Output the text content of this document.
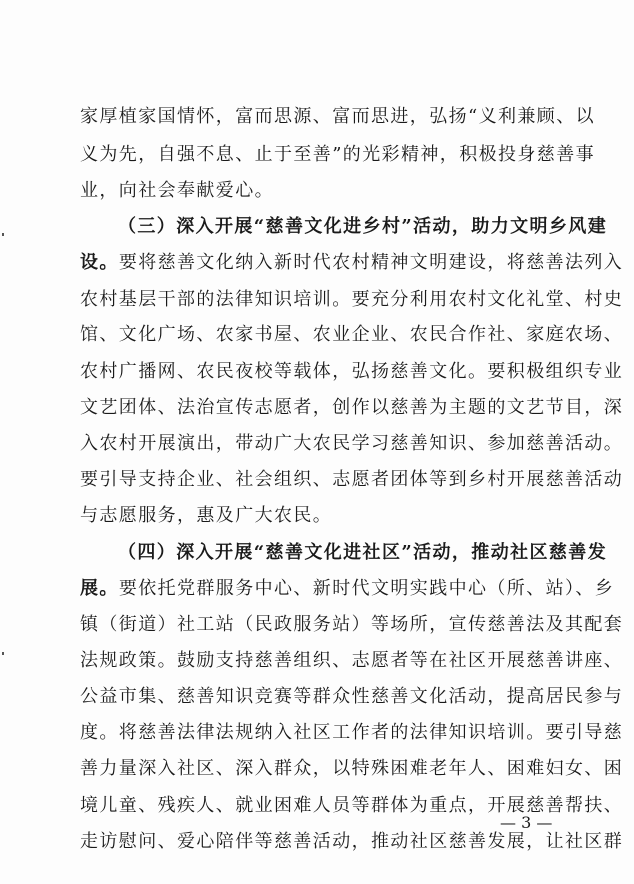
家厚植家国情怀，富而思源、富而思进，弘扬“义利兼顾、以
义为先，自强不息、止于至善”的光彩精神，积极投身慈善事
业，向社会奉献爱心。
（三）深入开展“慈善文化进乡村”活动，助力文明乡风建
设。要将慈善文化纳入新时代农村精神文明建设，将慈善法列入
农村基层干部的法律知识培训。要充分利用农村文化礼堂、村史
馆、文化广场、农家书屋、农业企业、农民合作社、家庭农场、
农村广播网、农民夜校等载体，弘扬慈善文化。要积极组织专业
文艺团体、法治宣传志愿者，创作以慈善为主题的文艺节目，深
入农村开展演出，带动广大农民学习慈善知识、参加慈善活动。
要引导支持企业、社会组织、志愿者团体等到乡村开展慈善活动
与志愿服务，惠及广大农民。
（四）深入开展“慈善文化进社区”活动，推动社区慈善发
展。要依托党群服务中心、新时代文明实践中心（所、站）、乡
镇（街道）社工站（民政服务站）等场所，宣传慈善法及其配套
法规政策。鼓励支持慈善组织、志愿者等在社区开展慈善讲座、
公益市集、慈善知识竞赛等群众性慈善文化活动，提高居民参与
度。将慈善法律法规纳入社区工作者的法律知识培训。要引导慈
善力量深入社区、深入群众，以特殊困难老年人、困难妇女、困
境儿童、残疾人、就业困难人员等群体为重点，开展慈善帮扶、
走访慰问、爱心陪伴等慈善活动，推动社区慈善发展，让社区群
— 3 —
